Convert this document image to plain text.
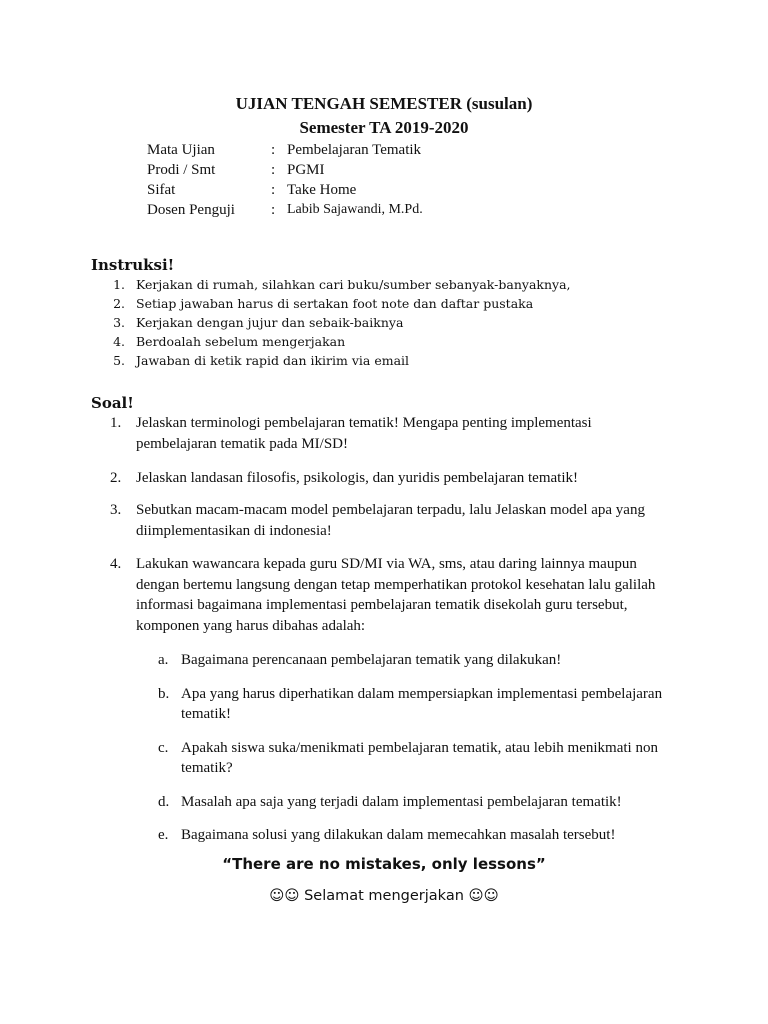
UJIAN TENGAH SEMESTER (susulan)
Semester TA 2019-2020
Mata Ujian	: Pembelajaran Tematik
Prodi / Smt	: PGMI
Sifat	: Take Home
Dosen Penguji : Labib Sajawandi, M.Pd.
Instruksi!
1. Kerjakan di rumah, silahkan cari buku/sumber sebanyak-banyaknya,
2. Setiap jawaban harus di sertakan foot note dan daftar pustaka
3. Kerjakan dengan jujur dan sebaik-baiknya
4. Berdoalah sebelum mengerjakan
5. Jawaban di ketik rapid dan ikirim via email
Soal!
1. Jelaskan terminologi pembelajaran tematik! Mengapa penting implementasi pembelajaran tematik pada MI/SD!
2. Jelaskan landasan filosofis, psikologis, dan yuridis pembelajaran tematik!
3. Sebutkan macam-macam model pembelajaran terpadu, lalu Jelaskan model apa yang diimplementasikan di indonesia!
4. Lakukan wawancara kepada guru SD/MI via WA, sms, atau daring lainnya maupun dengan bertemu langsung dengan tetap memperhatikan protokol kesehatan lalu galilah informasi bagaimana implementasi pembelajaran tematik disekolah guru tersebut, komponen yang harus dibahas adalah:
a. Bagaimana perencanaan pembelajaran tematik yang dilakukan!
b. Apa yang harus diperhatikan dalam mempersiapkan implementasi pembelajaran tematik!
c. Apakah siswa suka/menikmati pembelajaran tematik, atau lebih menikmati non tematik?
d. Masalah apa saja yang terjadi dalam implementasi pembelajaran tematik!
e. Bagaimana solusi yang dilakukan dalam memecahkan masalah tersebut!
“There are no mistakes, only lessons”
☺☺ Selamat mengerjakan ☺☺
